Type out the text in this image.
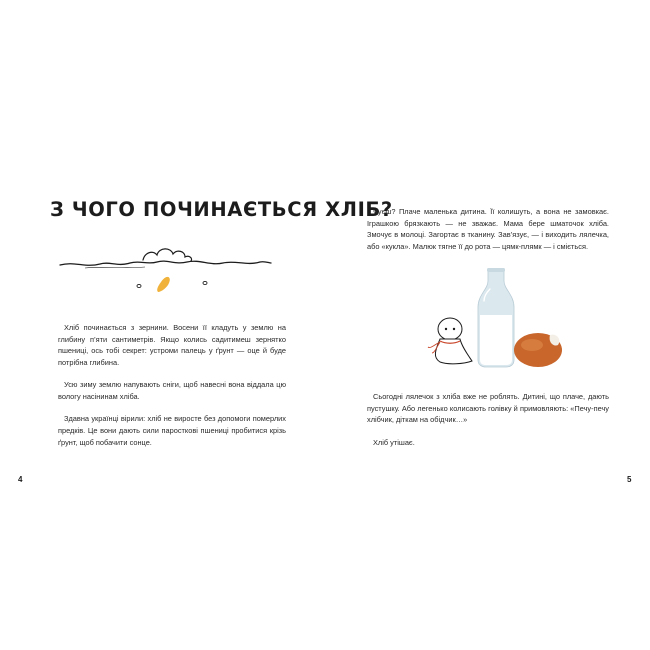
З ЧОГО ПОЧИНАЄТЬСЯ ХЛІБ?

Хліб починається з зернини. Восени її кладуть у землю на глибину п’яти сантиметрів. Якщо колись садитимеш зернятко пшениці, ось тобі секрет: устроми палець у ґрунт — оце й буде потрібна глибина.

Усю зиму землю напувають сніги, щоб навесні вона віддала цю вологу насінинам хліба.

Здавна українці вірили: хліб не виросте без допомоги померлих предків. Це вони дають сили паросткові пшениці пробитися крізь ґрунт, щоб побачити сонце.

4

Чуєш? Плаче маленька дитина. Її колишуть, а вона не замовкає. Іграшкою брязкають — не зважає. Мама бере шматочок хліба. Змочує в молоці. Загортає в тканину. Зав’язує, — і виходить лялечка, або «кукла». Малюк тягне її до рота — цямк-плямк — і сміється.

Сьогодні лялечок з хліба вже не роблять. Дитині, що плаче, дають пустушку. Або легенько колисають голівку й примовляють: «Печу-печу хлібчик, діткам на обідчик…»

Хліб утішає.

5
